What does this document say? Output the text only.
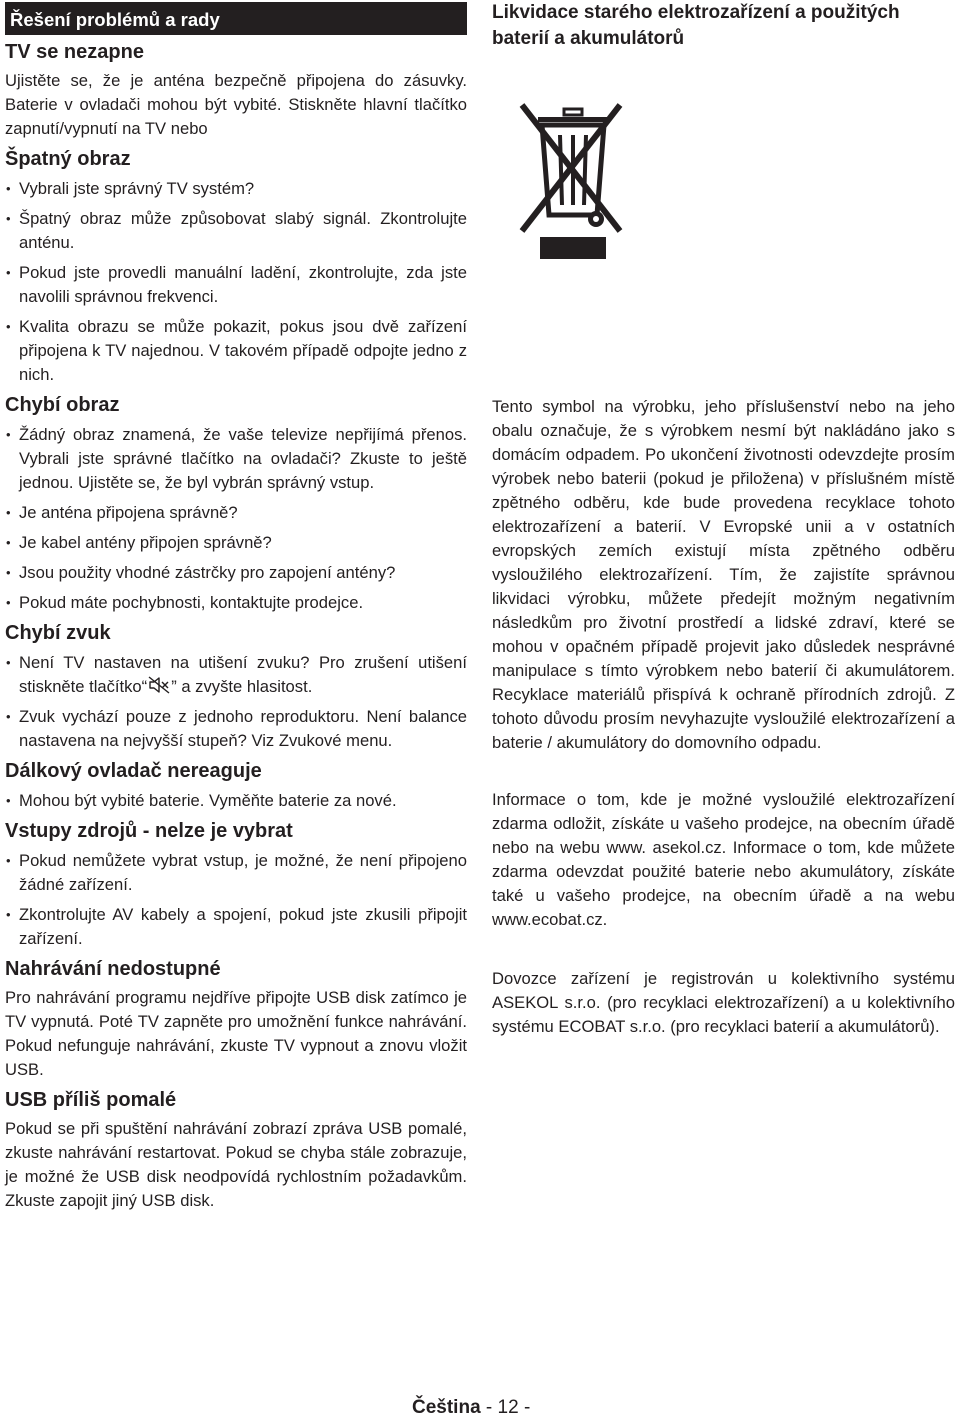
Řešení problémů a rady
TV se nezapne

Ujistěte se, že je anténa bezpečně připojena do zásuvky. Baterie v ovladači mohou být vybité. Stiskněte hlavní tlačítko zapnutí/vypnutí na TV nebo

Špatný obraz
• Vybrali jste správný TV systém?
• Špatný obraz může způsobovat slabý signál. Zkontrolujte anténu.
• Pokud jste provedli manuální ladění, zkontrolujte, zda jste navolili správnou frekvenci.
• Kvalita obrazu se může pokazit, pokus jsou dvě zařízení připojena k TV najednou. V takovém případě odpojte jedno z nich.
Chybí obraz
• Žádný obraz znamená, že vaše televize nepřijímá přenos. Vybrali jste správné tlačítko na ovladači? Zkuste to ještě jednou. Ujistěte se, že byl vybrán správný vstup.
• Je anténa připojena správně?
• Je kabel antény připojen správně?
• Jsou použity vhodné zástrčky pro zapojení antény?
• Pokud máte pochybnosti, kontaktujte prodejce.
Chybí zvuk
• Není TV nastaven na utišení zvuku? Pro zrušení utišení stiskněte tlačítko“ ” a zvyšte hlasitost.
• Zvuk vychází pouze z jednoho reproduktoru. Není balance nastavena na nejvyšší stupeň? Viz Zvukové menu.
Dálkový ovladač nereaguje
• Mohou být vybité baterie. Vyměňte baterie za nové.
Vstupy zdrojů - nelze je vybrat
• Pokud nemůžete vybrat vstup, je možné, že není připojeno žádné zařízení.
• Zkontrolujte AV kabely a spojení, pokud jste zkusili připojit zařízení.
Nahrávání nedostupné

Pro nahrávání programu nejdříve připojte USB disk zatímco je TV vypnutá. Poté TV zapněte pro umožnění funkce nahrávání. Pokud nefunguje nahrávání, zkuste TV vypnout a znovu vložit USB.

USB příliš pomalé

Pokud se při spuštění nahrávání zobrazí zpráva USB pomalé, zkuste nahrávání restartovat. Pokud se chyba stále zobrazuje, je možné že USB disk neodpovídá rychlostním požadavkům. Zkuste zapojit jiný USB disk.

Likvidace starého elektrozařízení a použitých baterií a akumulátorů

Tento symbol na výrobku, jeho příslušenství nebo na jeho obalu označuje, že s výrobkem nesmí být nakládáno jako s domácím odpadem. Po ukončení životnosti odevzdejte prosím výrobek nebo baterii (pokud je přiložena) v příslušném místě zpětného odběru, kde bude provedena recyklace tohoto elektrozařízení a baterií. V Evropské unii a v ostatních evropských zemích existují místa zpětného odběru vysloužilého elektrozařízení. Tím, že zajistíte správnou likvidaci výrobku, můžete předejít možným negativním následkům pro životní prostředí a lidské zdraví, které se mohou v opačném případě projevit jako důsledek nesprávné manipulace s tímto výrobkem nebo baterií či akumulátorem. Recyklace materiálů přispívá k ochraně přírodních zdrojů. Z tohoto důvodu prosím nevyhazujte vysloužilé elektrozařízení a baterie / akumulátory do domovního odpadu.

Informace o tom, kde je možné vysloužilé elektrozařízení zdarma odložit, získáte u vašeho prodejce, na obecním úřadě nebo na webu www. asekol.cz. Informace o tom, kde můžete zdarma odevzdat použité baterie nebo akumulátory, získáte také u vašeho prodejce, na obecním úřadě a na webu www.ecobat.cz.

Dovozce zařízení je registrován u kolektivního systému ASEKOL s.r.o. (pro recyklaci elektrozařízení) a u kolektivního systému ECOBAT s.r.o. (pro recyklaci baterií a akumulátorů).

Čeština - 12 -
